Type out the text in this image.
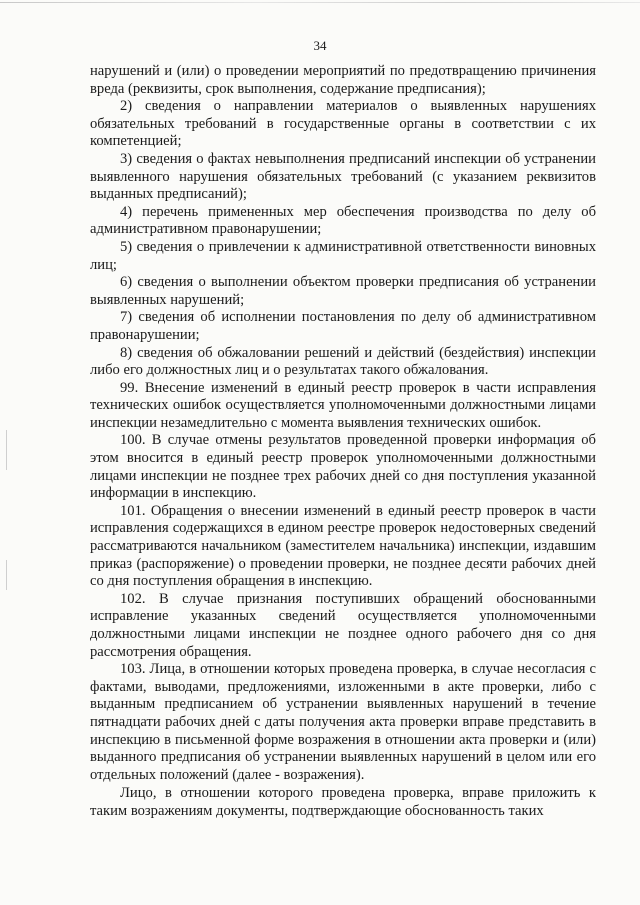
34

нарушений и (или) о проведении мероприятий по предотвращению причинения вреда (реквизиты, срок выполнения, содержание предписания);

2) сведения о направлении материалов о выявленных нарушениях обязательных требований в государственные органы в соответствии с их компетенцией;

3) сведения о фактах невыполнения предписаний инспекции об устранении выявленного нарушения обязательных требований (с указанием реквизитов выданных предписаний);

4) перечень примененных мер обеспечения производства по делу об административном правонарушении;

5) сведения о привлечении к административной ответственности виновных лиц;

6) сведения о выполнении объектом проверки предписания об устранении выявленных нарушений;

7) сведения об исполнении постановления по делу об административном правонарушении;

8) сведения об обжаловании решений и действий (бездействия) инспекции либо его должностных лиц и о результатах такого обжалования.

99. Внесение изменений в единый реестр проверок в части исправления технических ошибок осуществляется уполномоченными должностными лицами инспекции незамедлительно с момента выявления технических ошибок.

100. В случае отмены результатов проведенной проверки информация об этом вносится в единый реестр проверок уполномоченными должностными лицами инспекции не позднее трех рабочих дней со дня поступления указанной информации в инспекцию.

101. Обращения о внесении изменений в единый реестр проверок в части исправления содержащихся в едином реестре проверок недостоверных сведений рассматриваются начальником (заместителем начальника) инспекции, издавшим приказ (распоряжение) о проведении проверки, не позднее десяти рабочих дней со дня поступления обращения в инспекцию.

102. В случае признания поступивших обращений обоснованными исправление указанных сведений осуществляется уполномоченными должностными лицами инспекции не позднее одного рабочего дня со дня рассмотрения обращения.

103. Лица, в отношении которых проведена проверка, в случае несогласия с фактами, выводами, предложениями, изложенными в акте проверки, либо с выданным предписанием об устранении выявленных нарушений в течение пятнадцати рабочих дней с даты получения акта проверки вправе представить в инспекцию в письменной форме возражения в отношении акта проверки и (или) выданного предписания об устранении выявленных нарушений в целом или его отдельных положений (далее - возражения).

Лицо, в отношении которого проведена проверка, вправе приложить к таким возражениям документы, подтверждающие обоснованность таких
